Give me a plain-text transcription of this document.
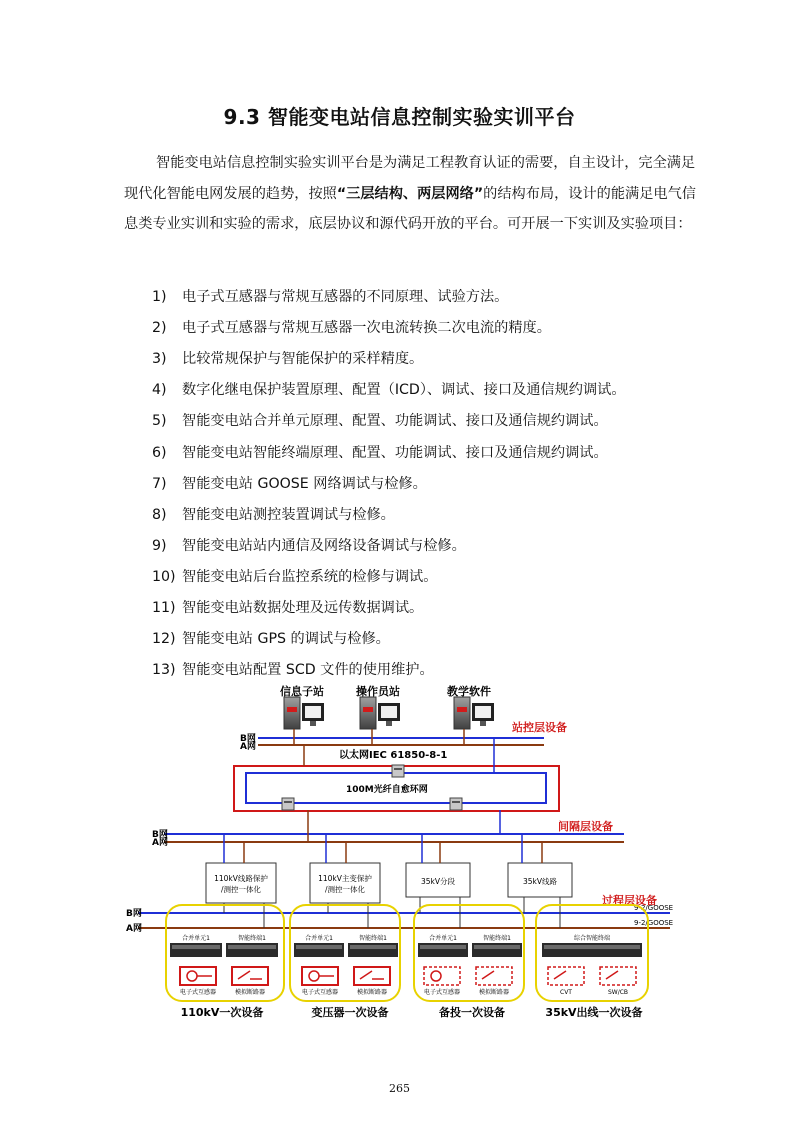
9.3 智能变电站信息控制实验实训平台
智能变电站信息控制实验实训平台是为满足工程教育认证的需要，自主设计，完全满足现代化智能电网发展的趋势，按照“三层结构、两层网络”的结构布局，设计的能满足电气信息类专业实训和实验的需求，底层协议和源代码开放的平台。可开展一下实训及实验项目：
1) 电子式互感器与常规互感器的不同原理、试验方法。
2) 电子式互感器与常规互感器一次电流转换二次电流的精度。
3) 比较常规保护与智能保护的采样精度。
4) 数字化继电保护装置原理、配置（ICD）、调试、接口及通信规约调试。
5) 智能变电站合并单元原理、配置、功能调试、接口及通信规约调试。
6) 智能变电站智能终端原理、配置、功能调试、接口及通信规约调试。
7) 智能变电站 GOOSE 网络调试与检修。
8) 智能变电站测控装置调试与检修。
9) 智能变电站站内通信及网络设备调试与检修。
10) 智能变电站后台监控系统的检修与调试。
11) 智能变电站数据处理及远传数据调试。
12) 智能变电站 GPS 的调试与检修。
13) 智能变电站配置 SCD 文件的使用维护。
信息子站	操作员站	教学软件
B网
A网
站控层设备
以太网IEC 61850-8-1
100M光纤自愈环网
间隔层设备
B网
A网
110kV线路保护
/测控一体化
110kV主变保护
/测控一体化
35kV分段	35kV线路
过程层设备
B网
A网
9-2/GOOSE
9-2/GOOSE
合并单元1	智能终端1	合并单元1	智能终端1	合并单元1	智能终端1	综合智能终端
电子式互感器	模拟断路器	电子式互感器	模拟断路器	电子式互感器	模拟断路器	CVT	SW/CB
110kV一次设备	变压器一次设备	备投一次设备	35kV出线一次设备
265
